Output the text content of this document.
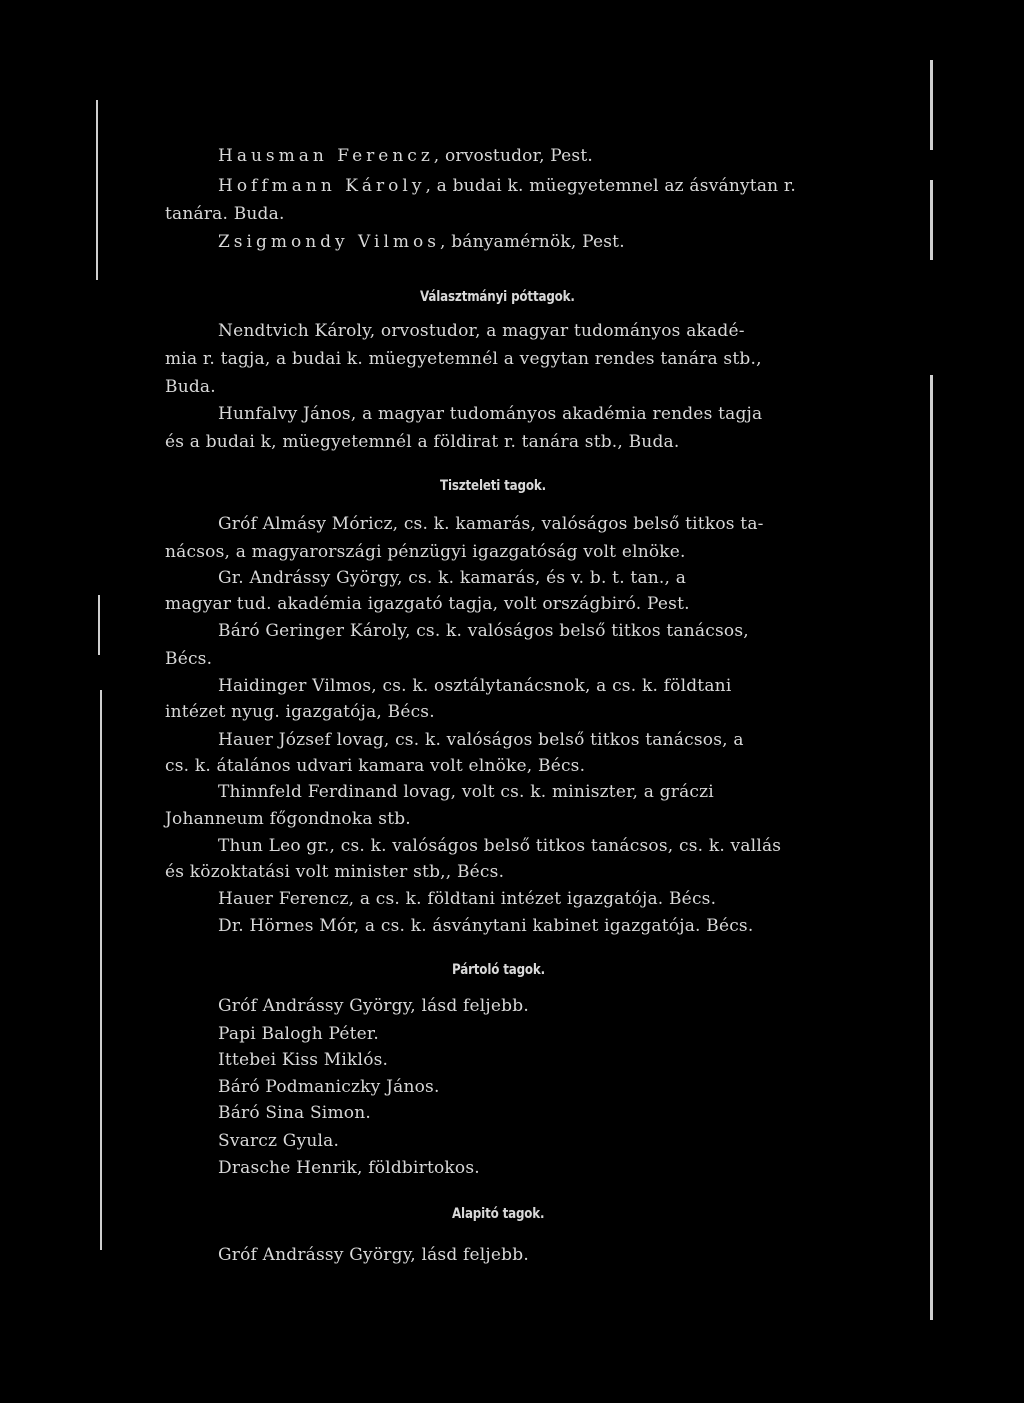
Hausman Ferencz, orvostudor, Pest.
Hoffmann Károly, a budai k. müegyetemnel az ásványtan r.
tanára. Buda.
Zsigmondy Vilmos, bányamérnök, Pest.
Választmányi póttagok.
Nendtvich Károly, orvostudor, a magyar tudományos akadé-
mia r. tagja, a budai k. müegyetemnél a vegytan rendes tanára stb.,
Buda.
Hunfalvy János, a magyar tudományos akadémia rendes tagja
és a budai k, müegyetemnél a földirat r. tanára stb., Buda.
Tiszteleti tagok.
Gróf Almásy Móricz, cs. k. kamarás, valóságos belső titkos ta-
nácsos, a magyarországi pénzügyi igazgatóság volt elnöke.
Gr. Andrássy György, cs. k. kamarás, és v. b. t. tan., a
magyar tud. akadémia igazgató tagja, volt országbiró. Pest.
Báró Geringer Károly, cs. k. valóságos belső titkos tanácsos,
Bécs.
Haidinger Vilmos, cs. k. osztálytanácsnok, a cs. k. földtani
intézet nyug. igazgatója, Bécs.
Hauer József lovag, cs. k. valóságos belső titkos tanácsos, a
cs. k. átalános udvari kamara volt elnöke, Bécs.
Thinnfeld Ferdinand lovag, volt cs. k. miniszter, a gráczi
Johanneum főgondnoka stb.
Thun Leo gr., cs. k. valóságos belső titkos tanácsos, cs. k. vallás
és közoktatási volt minister stb,, Bécs.
Hauer Ferencz, a cs. k. földtani intézet igazgatója. Bécs.
Dr. Hörnes Mór, a cs. k. ásványtani kabinet igazgatója. Bécs.
Pártoló tagok.
Gróf Andrássy György, lásd feljebb.
Papi Balogh Péter.
Ittebei Kiss Miklós.
Báró Podmaniczky János.
Báró Sina Simon.
Svarcz Gyula.
Drasche Henrik, földbirtokos.
Alapitó tagok.
Gróf Andrássy György, lásd feljebb.
